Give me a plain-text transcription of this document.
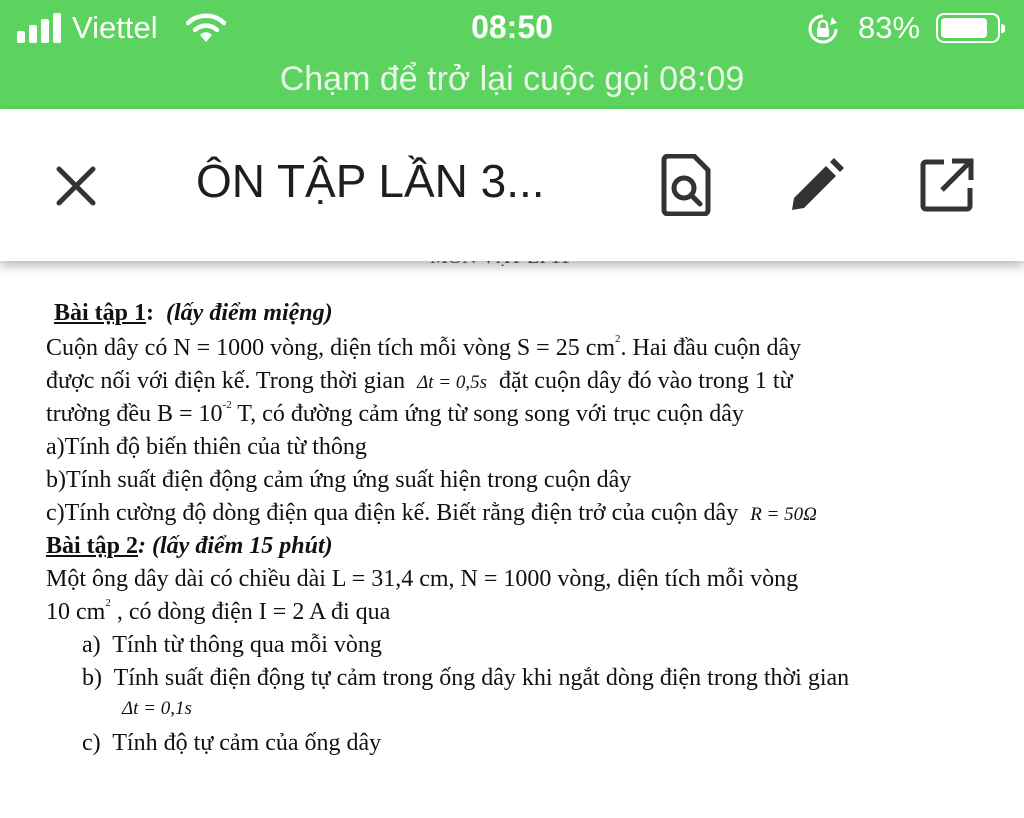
Viettel	08:50	83%
Chạm để trở lại cuộc gọi 08:09
ÔN TẬP LẦN 3...
Bài tập 1: (lấy điểm miệng)
Cuộn dây có N = 1000 vòng, diện tích mỗi vòng S = 25 $cm^2$. Hai đầu cuộn dây
được nối với điện kế. Trong thời gian Δt = 0,5s đặt cuộn dây đó vào trong 1 từ
trường đều $B = 10^{-2}$ T, có đường cảm ứng từ song song với trục cuộn dây
a)Tính độ biến thiên của từ thông
b)Tính suất điện động cảm ứng ứng suất hiện trong cuộn dây
c)Tính cường độ dòng điện qua điện kế. Biết rằng điện trở của cuộn dây R = 50Ω
Bài tập 2: (lấy điểm 15 phút)
Một ông dây dài có chiều dài L = 31,4 cm, N = 1000 vòng, diện tích mỗi vòng
10 $cm^2$ , có dòng điện I = 2 A đi qua
a) Tính từ thông qua mỗi vòng
b) Tính suất điện động tự cảm trong ống dây khi ngắt dòng điện trong thời gian
Δt = 0,1s
c) Tính độ tự cảm của ống dây
